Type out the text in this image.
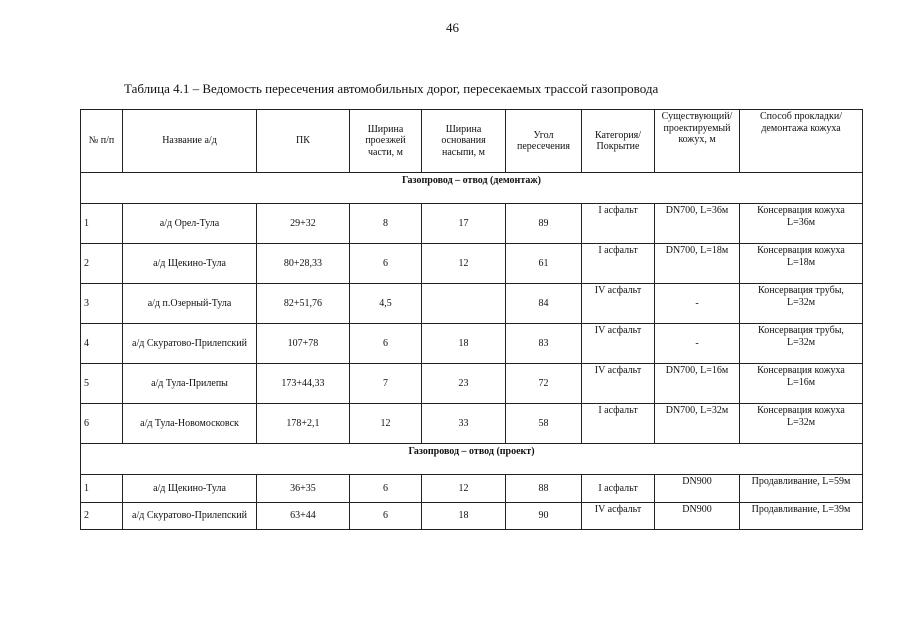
46
Таблица 4.1 – Ведомость пересечения автомобильных дорог, пересекаемых трассой газопровода
№ п/п	Название а/д	ПК	Ширина проезжей части, м	Ширина основания насыпи, м	Угол пересечения	Категория/ Покрытие	Существующий/ проектируемый кожух, м	Способ прокладки/ демонтажа кожуха
Газопровод – отвод (демонтаж)								
1	а/д Орел-Тула	29+32	8	17	89	I асфальт	DN700, L=36м	Консервация кожуха L=36м
2	а/д Щекино-Тула	80+28,33	6	12	61	I асфальт	DN700, L=18м	Консервация кожуха L=18м
3	а/д п.Озерный-Тула	82+51,76	4,5		84	IV асфальт	-	Консервация трубы, L=32м
4	а/д Скуратово-Прилепский	107+78	6	18	83	IV асфальт	-	Консервация трубы, L=32м
5	а/д Тула-Прилепы	173+44,33	7	23	72	IV асфальт	DN700, L=16м	Консервация кожуха L=16м
6	а/д Тула-Новомосковск	178+2,1	12	33	58	I асфальт	DN700, L=32м	Консервация кожуха L=32м
Газопровод – отвод (проект)								
1	а/д Щекино-Тула	36+35	6	12	88	I асфальт	DN900	Продавливание, L=59м
2	а/д Скуратово-Прилепский	63+44	6	18	90	IV асфальт	DN900	Продавливание, L=39м
